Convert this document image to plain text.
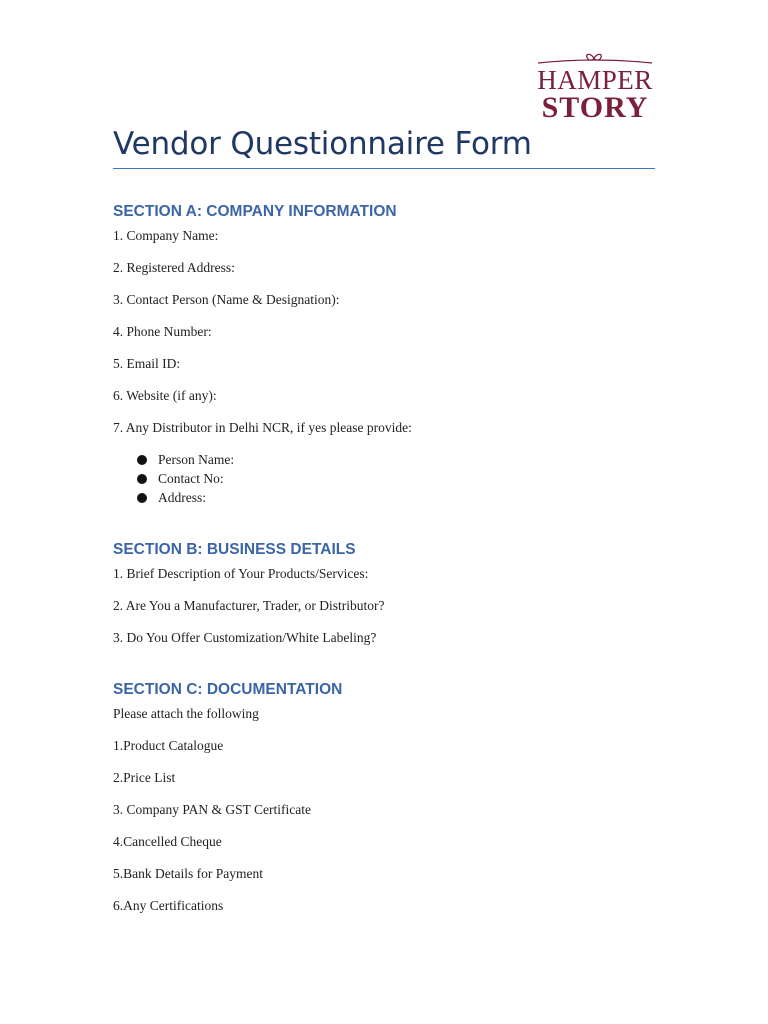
HAMPER
STORY
Vendor Questionnaire Form
SECTION A: COMPANY INFORMATION

1. Company Name:

2. Registered Address:

3. Contact Person (Name & Designation):

4. Phone Number:

5. Email ID:

6. Website (if any):

7. Any Distributor in Delhi NCR, if yes please provide:

Person Name:
Contact No:
Address:
SECTION B: BUSINESS DETAILS

1. Brief Description of Your Products/Services:

2. Are You a Manufacturer, Trader, or Distributor?

3. Do You Offer Customization/White Labeling?

SECTION C: DOCUMENTATION

Please attach the following

1.Product Catalogue

2.Price List

3. Company PAN & GST Certificate

4.Cancelled Cheque

5.Bank Details for Payment

6.Any Certifications
